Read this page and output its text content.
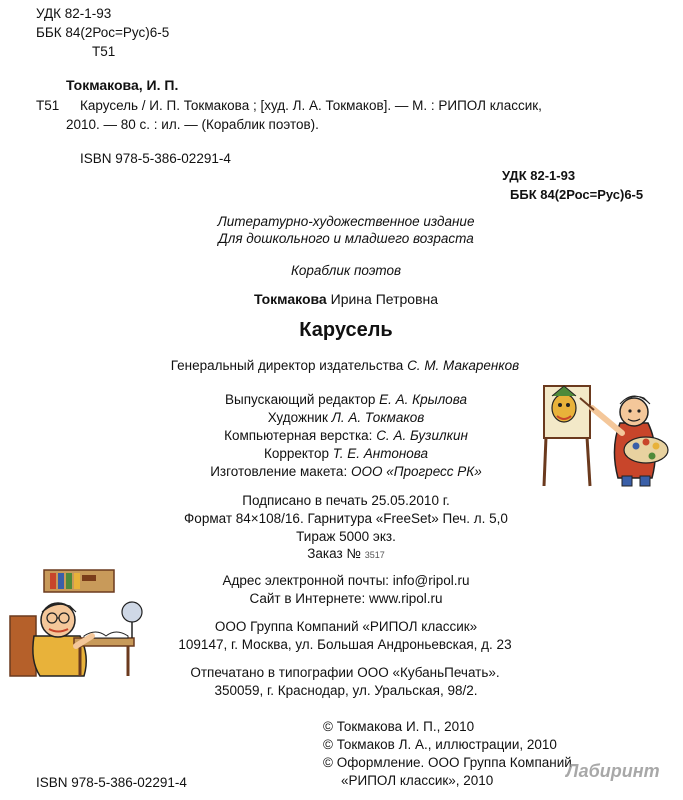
УДК 82-1-93
ББК 84(2Рос=Рус)6-5
Т51
Токмакова, И. П.
Т51 Карусель / И. П. Токмакова ; [худ. Л. А. Токмаков]. — М. : РИПОЛ классик,
2010. — 80 с. : ил. — (Кораблик поэтов).
ISBN 978-5-386-02291-4
УДК 82-1-93
ББК 84(2Рос=Рус)6-5
Литературно-художественное издание
Для дошкольного и младшего возраста
Кораблик поэтов
Токмакова Ирина Петровна
Карусель
Генеральный директор издательства С. М. Макаренков
Выпускающий редактор Е. А. Крылова
Художник Л. А. Токмаков
Компьютерная верстка: С. А. Бузилкин
Корректор Т. Е. Антонова
Изготовление макета: ООО «Прогресс РК»
Подписано в печать 25.05.2010 г.
Формат 84×108/16. Гарнитура «FreeSet» Печ. л. 5,0
Тираж 5000 экз.
Заказ № 3517
Адрес электронной почты: info@ripol.ru
Сайт в Интернете: www.ripol.ru
ООО Группа Компаний «РИПОЛ классик»
109147, г. Москва, ул. Большая Андроньевская, д. 23
Отпечатано в типографии ООО «КубаньПечать».
350059, г. Краснодар, ул. Уральская, 98/2.
© Токмакова И. П., 2010
© Токмаков Л. А., иллюстрации, 2010
© Оформление. ООО Группа Компаний
«РИПОЛ классик», 2010
ISBN 978-5-386-02291-4
Лабиринт
